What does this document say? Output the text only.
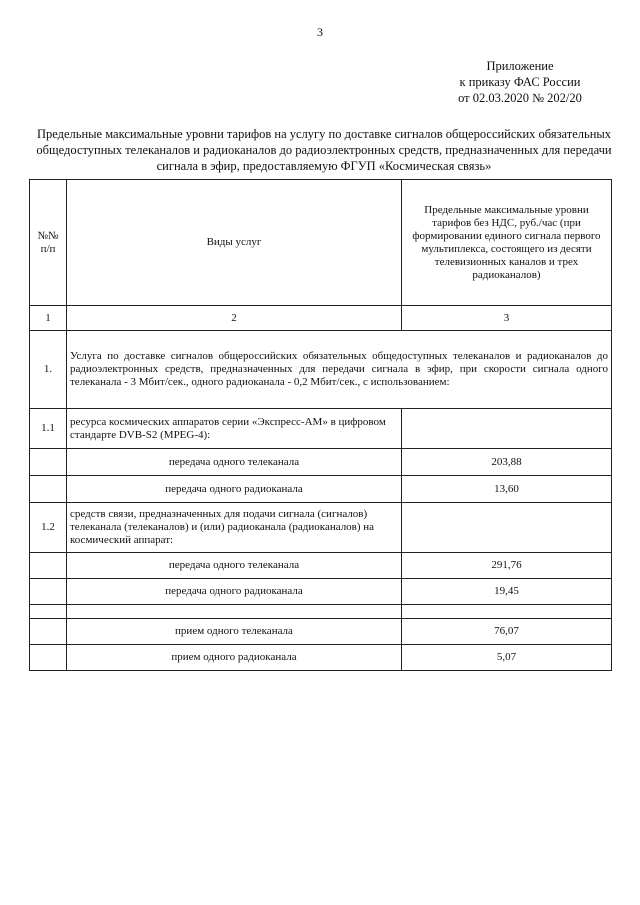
3
Приложение
к приказу ФАС России
от 02.03.2020 № 202/20
Предельные максимальные уровни тарифов на услугу по доставке сигналов общероссийских обязательных общедоступных телеканалов и радиоканалов до радиоэлектронных средств, предназначенных для передачи сигнала в эфир, предоставляемую ФГУП «Космическая связь»
№№ п/п	Виды услуг	Предельные максимальные уровни тарифов без НДС, руб./час (при формировании единого сигнала первого мультиплекса, состоящего из десяти телевизионных каналов и трех радиоканалов)
1	2	3
1.	Услуга по доставке сигналов общероссийских обязательных общедоступных телеканалов и радиоканалов до радиоэлектронных средств, предназначенных для передачи сигнала в эфир, при скорости сигнала одного телеканала - 3 Мбит/сек., одного радиоканала - 0,2 Мбит/сек., с использованием:	
1.1	ресурса космических аппаратов серии «Экспресс-АМ» в цифровом стандарте DVB-S2 (MPEG-4):	
	передача одного телеканала	203,88
	передача одного радиоканала	13,60
1.2	средств связи, предназначенных для подачи сигнала (сигналов) телеканала (телеканалов) и (или) радиоканала (радиоканалов) на космический аппарат:	
	передача одного телеканала	291,76
	передача одного радиоканала	19,45

	прием одного телеканала	76,07
	прием одного радиоканала	5,07
